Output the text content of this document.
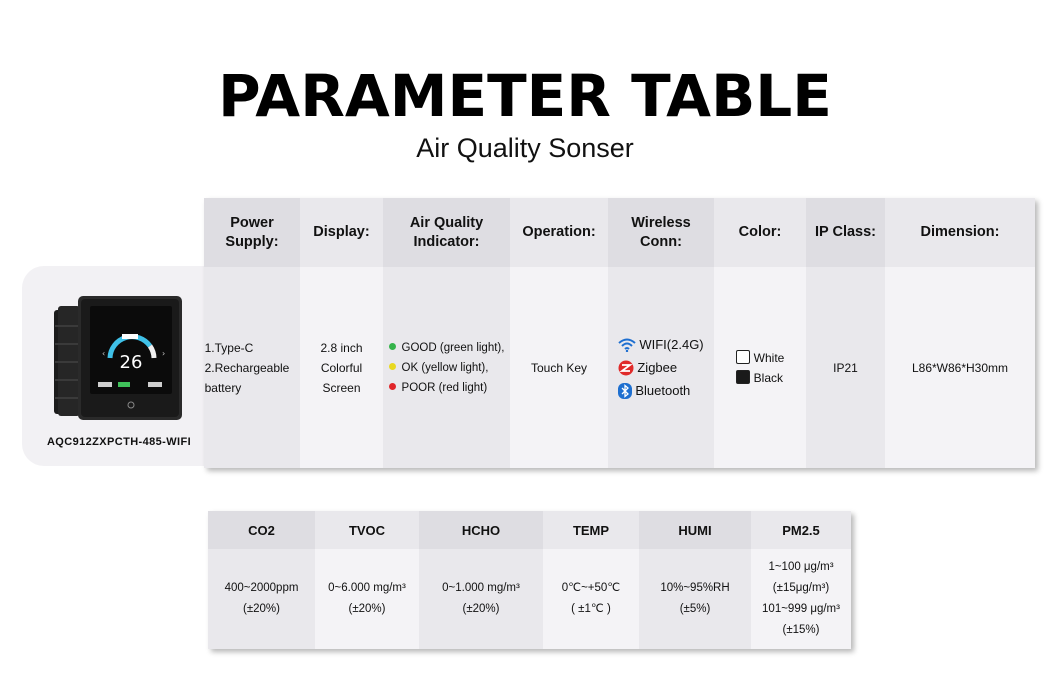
PARAMETER TABLE
Air Quality Sonser
26
‹	›
AQC912ZXPCTH-485-WIFI
Power
Supply:
1.Type-C
2.Rechargeable
battery
Display:
2.8 inch
Colorful
Screen
Air Quality
Indicator:
GOOD (green light),
OK (yellow light),
POOR (red light)
Operation:
Touch Key
Wireless
Conn:
WIFI(2.4G)
Zigbee
Bluetooth
Color:
White
Black
IP Class:
IP21
Dimension:
L86*W86*H30mm
CO2
400~2000ppm
(±20%)
TVOC
0~6.000 mg/m³
(±20%)
HCHO
0~1.000 mg/m³
(±20%)
TEMP
0℃~+50℃
( ±1℃ )
HUMI
10%~95%RH
(±5%)
PM2.5
1~100 μg/m³
(±15μg/m³)
101~999 μg/m³
(±15%)
